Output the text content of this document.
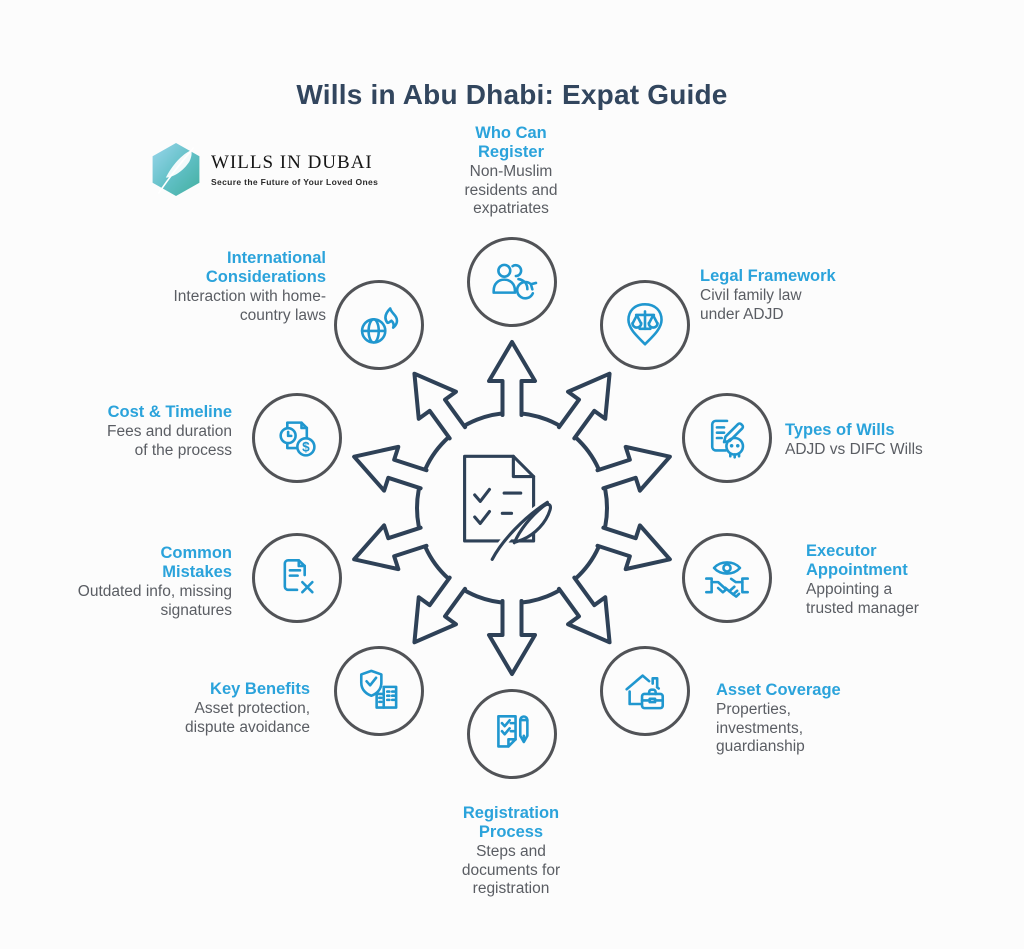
Wills in Abu Dhabi: Expat Guide
WILLS IN DUBAI
Secure the Future of Your Loved Ones
$
Who Can Register
Non-Muslim residents and expatriates
Legal Framework
Civil family law under ADJD
Types of Wills
ADJD vs DIFC Wills
Executor Appointment
Appointing a trusted manager
Asset Coverage
Properties, investments, guardianship
Registration Process
Steps and documents for registration
Key Benefits
Asset protection, dispute avoidance
Common Mistakes
Outdated info, missing signatures
Cost & Timeline
Fees and duration of the process
International Considerations
Interaction with home-country laws
